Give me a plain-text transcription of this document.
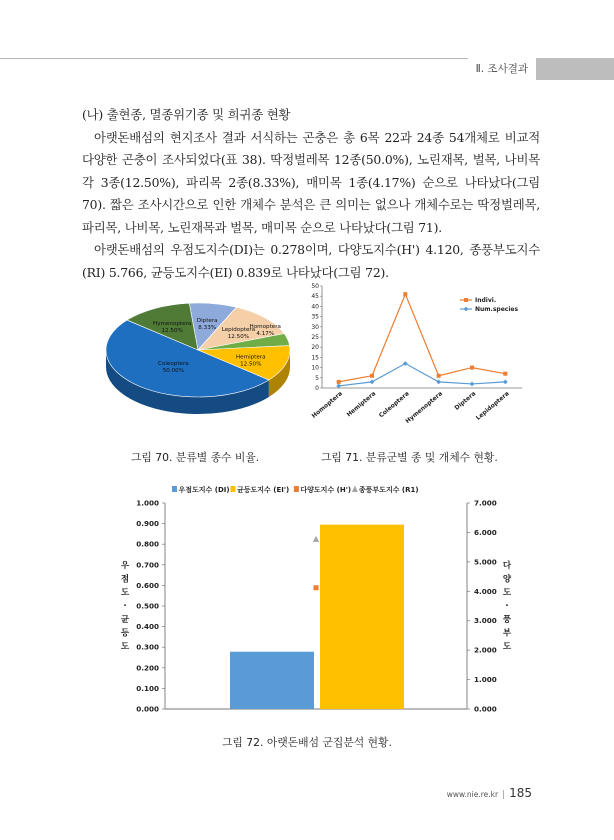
Ⅱ. 조사결과

(나) 출현종, 멸종위기종 및 희귀종 현황

아랫돈배섬의 현지조사 결과 서식하는 곤충은 총 6목 22과 24종 54개체로 비교적 다양한 곤충이 조사되었다(표 38). 딱정벌레목 12종(50.0%), 노린재목, 벌목, 나비목 각 3종(12.50%), 파리목 2종(8.33%), 매미목 1종(4.17%) 순으로 나타났다(그림 70). 짧은 조사시간으로 인한 개체수 분석은 큰 의미는 없으나 개체수로는 딱정벌레목, 파리목, 나비목, 노린재목과 벌목, 매미목 순으로 나타났다(그림 71).

아랫돈배섬의 우점도지수(DI)는 0.278이며, 다양도지수(H') 4.120, 종풍부도지수(RI) 5.766, 균등도지수(EI) 0.839로 나타났다(그림 72).

Coleoptera
50.00%
Hymenoptera
12.50%
Diptera
8.33% Lepidoptera
12.50%
Homoptera
4.17%
Hemiptera
12.50%
그림 70. 분류별 종수 비율.
0
5
10
15
20
25
30
35
40
45
50
Homoptera Hemiptera Coleoptera
Hymenoptera Diptera
Lepidoptera
Indivi.
Num.species
그림 71. 분류군별 종 및 개체수 현황.
우점도지수 (DI) 균등도지수 (EI') 다양도지수 (H') 종풍부도지수 (R1)
0.000
0.100
0.200
0.300
0.400
0.500
0.600
0.700
0.800
0.900
1.000
0.000
1.000
2.000
3.000
4.000
5.000
6.000
7.000
우 점 도 · 균 등 도
다 양 도 · 풍 부 도
그림 72. 아랫돈배섬 군집분석 현황.
www.nie.re.kr | 185
